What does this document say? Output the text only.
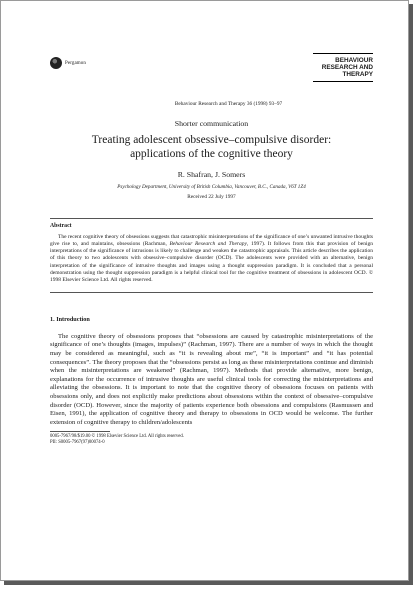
Pergamon	BEHAVIOUR
RESEARCH AND
THERAPY
Behaviour Research and Therapy 36 (1998) 93–97
Shorter communication
Treating adolescent obsessive–compulsive disorder:
applications of the cognitive theory
R. Shafran, J. Somers
Psychology Department, University of British Columbia, Vancouver, B.C., Canada, V6T 1Z4
Received 22 July 1997
Abstract
The recent cognitive theory of obsessions suggests that catastrophic misinterpretations of the significance of one’s unwanted intrusive thoughts give rise to, and maintains, obsessions (Rachman, Behaviour Research and Therapy, 1997). It follows from this that provision of benign interpretations of the significance of intrusions is likely to challenge and weaken the catastrophic appraisals. This article describes the application of this theory to two adolescents with obsessive–compulsive disorder (OCD). The adolescents were provided with an alternative, benign interpretation of the significance of intrusive thoughts and images using a thought suppression paradigm. It is concluded that a personal demonstration using the thought suppression paradigm is a helpful clinical tool for the cognitive treatment of obsessions in adolescent OCD. © 1998 Elsevier Science Ltd. All rights reserved.
1. Introduction
The cognitive theory of obsessions proposes that “obsessions are caused by catastrophic misinterpretations of the significance of one’s thoughts (images, impulses)” (Rachman, 1997). There are a number of ways in which the thought may be considered as meaningful, such as “it is revealing about me”, “it is important” and “it has potential consequences”. The theory proposes that the “obsessions persist as long as these misinterpretations continue and diminish when the misinterpretations are weakened” (Rachman, 1997). Methods that provide alternative, more benign, explanations for the occurrence of intrusive thoughts are useful clinical tools for correcting the misinterpretations and alleviating the obsessions. It is important to note that the cognitive theory of obsessions focuses on patients with obsessions only, and does not explicitly make predictions about obsessions within the context of obsessive–compulsive disorder (OCD). However, since the majority of patients experience both obsessions and compulsions (Rasmussen and Eisen, 1991), the application of cognitive theory and therapy to obsessions in OCD would be welcome. The further extension of cognitive therapy to children/adolescents
0005-7967/98/$19.00 © 1998 Elsevier Science Ltd. All rights reserved.
PII: S0005-7967(97)00074-0
